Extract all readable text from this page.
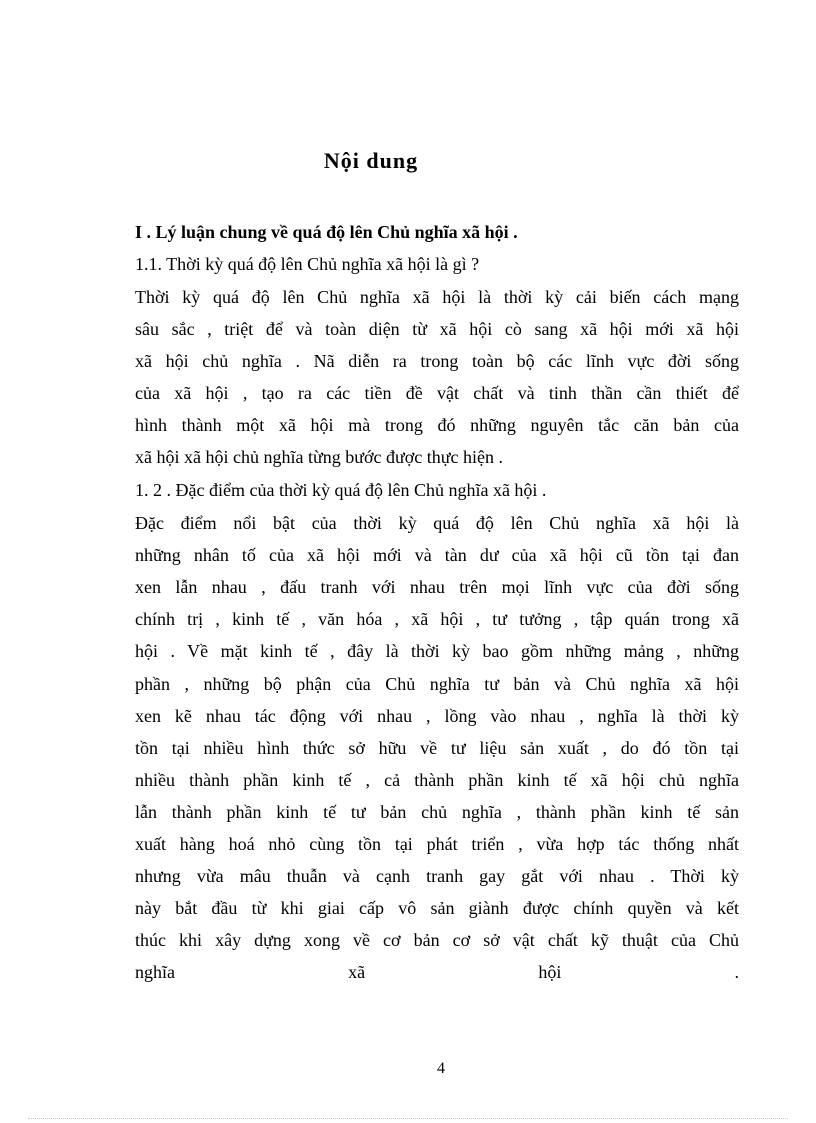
Nội dung
I . Lý luận chung về quá độ lên Chủ nghĩa xã hội .
1.1. Thời kỳ quá độ lên Chủ nghĩa xã hội là gì ?
Thời kỳ quá độ lên Chủ nghĩa xã hội là thời kỳ cải biến cách mạng
sâu sắc , triệt để và toàn diện từ xã hội cò sang xã hội mới xã hội
xã hội chủ nghĩa . Nã diễn ra trong toàn bộ các lĩnh vực đời sống
của xã hội , tạo ra các tiền đề vật chất và tinh thần cần thiết để
hình thành một xã hội mà trong đó những nguyên tắc căn bản của
xã hội xã hội chủ nghĩa từng bước được thực hiện .
1. 2 . Đặc điểm của thời kỳ quá độ lên Chủ nghĩa xã hội .
Đặc điểm nổi bật của thời kỳ quá độ lên Chủ nghĩa xã hội là
những nhân tố của xã hội mới và tàn dư của xã hội cũ tồn tại đan
xen lẫn nhau , đấu tranh với nhau trên mọi lĩnh vực của đời sống
chính trị , kinh tế , văn hóa , xã hội , tư tưởng , tập quán trong xã
hội . Về mặt kinh tế , đây là thời kỳ bao gồm những mảng , những
phần , những bộ phận của Chủ nghĩa tư bản và Chủ nghĩa xã hội
xen kẽ nhau tác động với nhau , lồng vào nhau , nghĩa là thời kỳ
tồn tại nhiều hình thức sở hữu về tư liệu sản xuất , do đó tồn tại
nhiều thành phần kinh tế , cả thành phần kinh tế xã hội chủ nghĩa
lẫn thành phần kinh tế tư bản chủ nghĩa , thành phần kinh tế sản
xuất hàng hoá nhỏ cùng tồn tại phát triển , vừa hợp tác thống nhất
nhưng vừa mâu thuẫn và cạnh tranh gay gắt với nhau . Thời kỳ
này bắt đầu từ khi giai cấp vô sản giành được chính quyền và kết
thúc khi xây dựng xong về cơ bản cơ sở vật chất kỹ thuật của Chủ
nghĩa xã hội .
4
